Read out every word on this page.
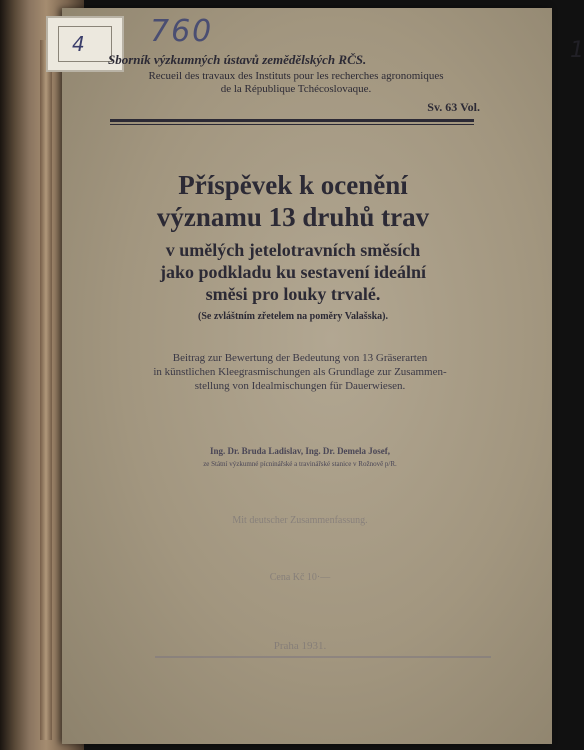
1
4 760
Sborník výzkumných ústavů zemědělských RČS.
Recueil des travaux des Instituts pour les recherches agronomiques
de la République Tchécoslovaque.
Sv. 63 Vol.
Příspěvek k ocenění
významu 13 druhů trav
v umělých jetelotravních směsích
jako podkladu ku sestavení ideální
směsi pro louky trvalé.
(Se zvláštním zřetelem na poměry Valašska).
Beitrag zur Bewertung der Bedeutung von 13 Gräserarten
in künstlichen Kleegrasmischungen als Grundlage zur Zusammen-
stellung von Idealmischungen für Dauerwiesen.
Ing. Dr. Bruda Ladislav, Ing. Dr. Demela Josef,
ze Státní výzkumné pícninářské a travinářské stanice v Rožnově p/R.
Mit deutscher Zusammenfassung.
Cena Kč 10·—
Praha 1931.
